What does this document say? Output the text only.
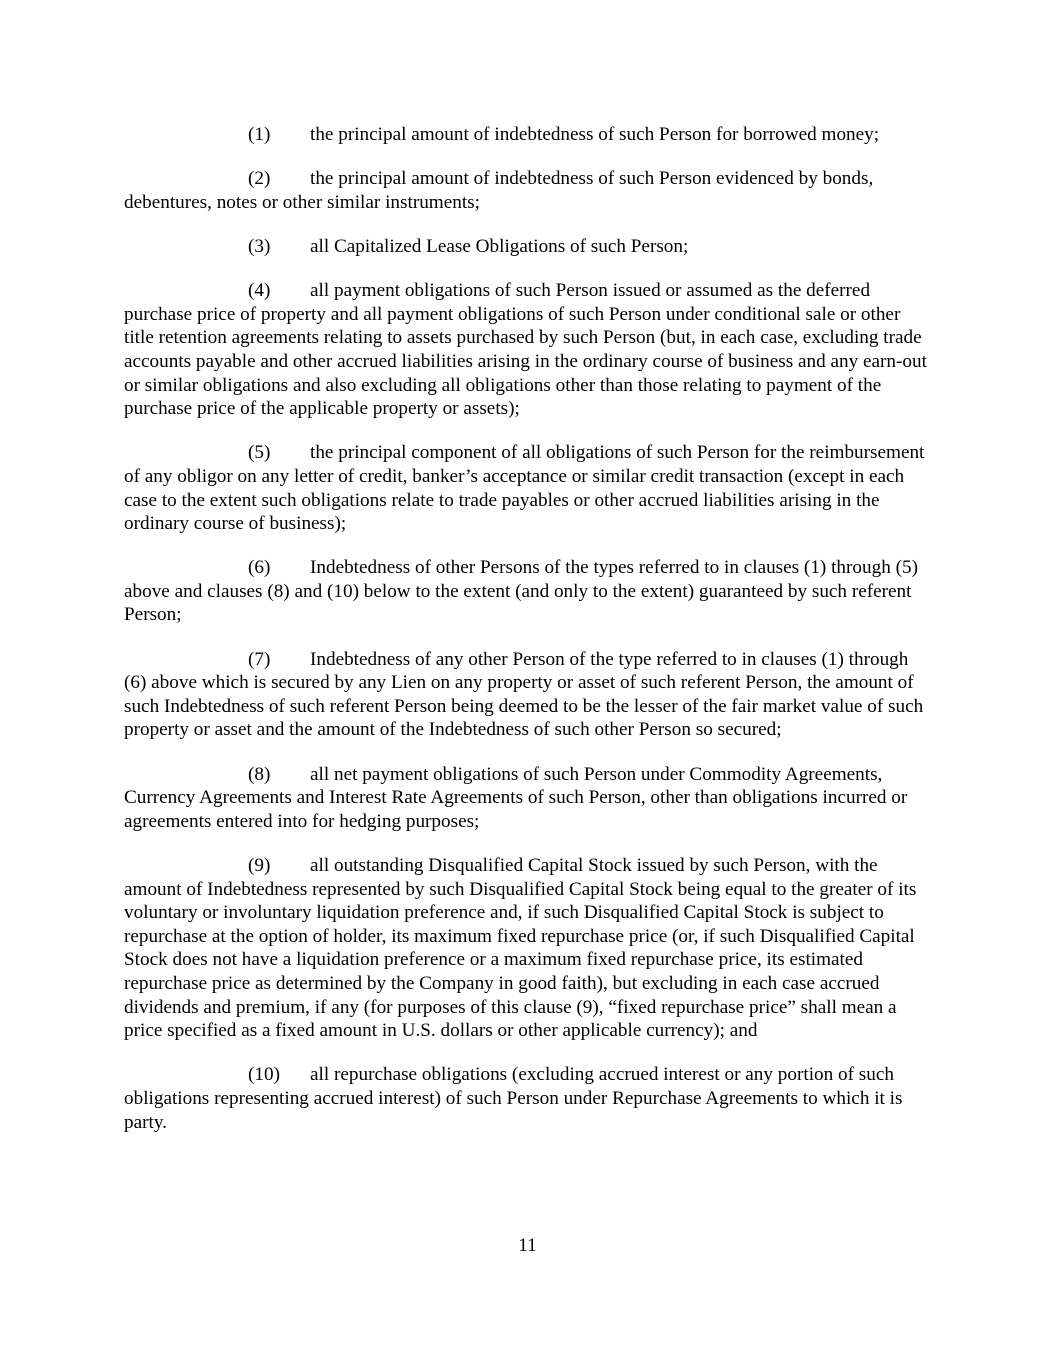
(1) the principal amount of indebtedness of such Person for borrowed money;

(2) the principal amount of indebtedness of such Person evidenced by bonds, debentures, notes or other similar instruments;

(3) all Capitalized Lease Obligations of such Person;

(4) all payment obligations of such Person issued or assumed as the deferred purchase price of property and all payment obligations of such Person under conditional sale or other title retention agreements relating to assets purchased by such Person (but, in each case, excluding trade accounts payable and other accrued liabilities arising in the ordinary course of business and any earn-out or similar obligations and also excluding all obligations other than those relating to payment of the purchase price of the applicable property or assets);

(5) the principal component of all obligations of such Person for the reimbursement of any obligor on any letter of credit, banker’s acceptance or similar credit transaction (except in each case to the extent such obligations relate to trade payables or other accrued liabilities arising in the ordinary course of business);

(6) Indebtedness of other Persons of the types referred to in clauses (1) through (5) above and clauses (8) and (10) below to the extent (and only to the extent) guaranteed by such referent Person;

(7) Indebtedness of any other Person of the type referred to in clauses (1) through (6) above which is secured by any Lien on any property or asset of such referent Person, the amount of such Indebtedness of such referent Person being deemed to be the lesser of the fair market value of such property or asset and the amount of the Indebtedness of such other Person so secured;

(8) all net payment obligations of such Person under Commodity Agreements, Currency Agreements and Interest Rate Agreements of such Person, other than obligations incurred or agreements entered into for hedging purposes;

(9) all outstanding Disqualified Capital Stock issued by such Person, with the amount of Indebtedness represented by such Disqualified Capital Stock being equal to the greater of its voluntary or involuntary liquidation preference and, if such Disqualified Capital Stock is subject to repurchase at the option of holder, its maximum fixed repurchase price (or, if such Disqualified Capital Stock does not have a liquidation preference or a maximum fixed repurchase price, its estimated repurchase price as determined by the Company in good faith), but excluding in each case accrued dividends and premium, if any (for purposes of this clause (9), “fixed repurchase price” shall mean a price specified as a fixed amount in U.S. dollars or other applicable currency); and

(10) all repurchase obligations (excluding accrued interest or any portion of such obligations representing accrued interest) of such Person under Repurchase Agreements to which it is party.

11
